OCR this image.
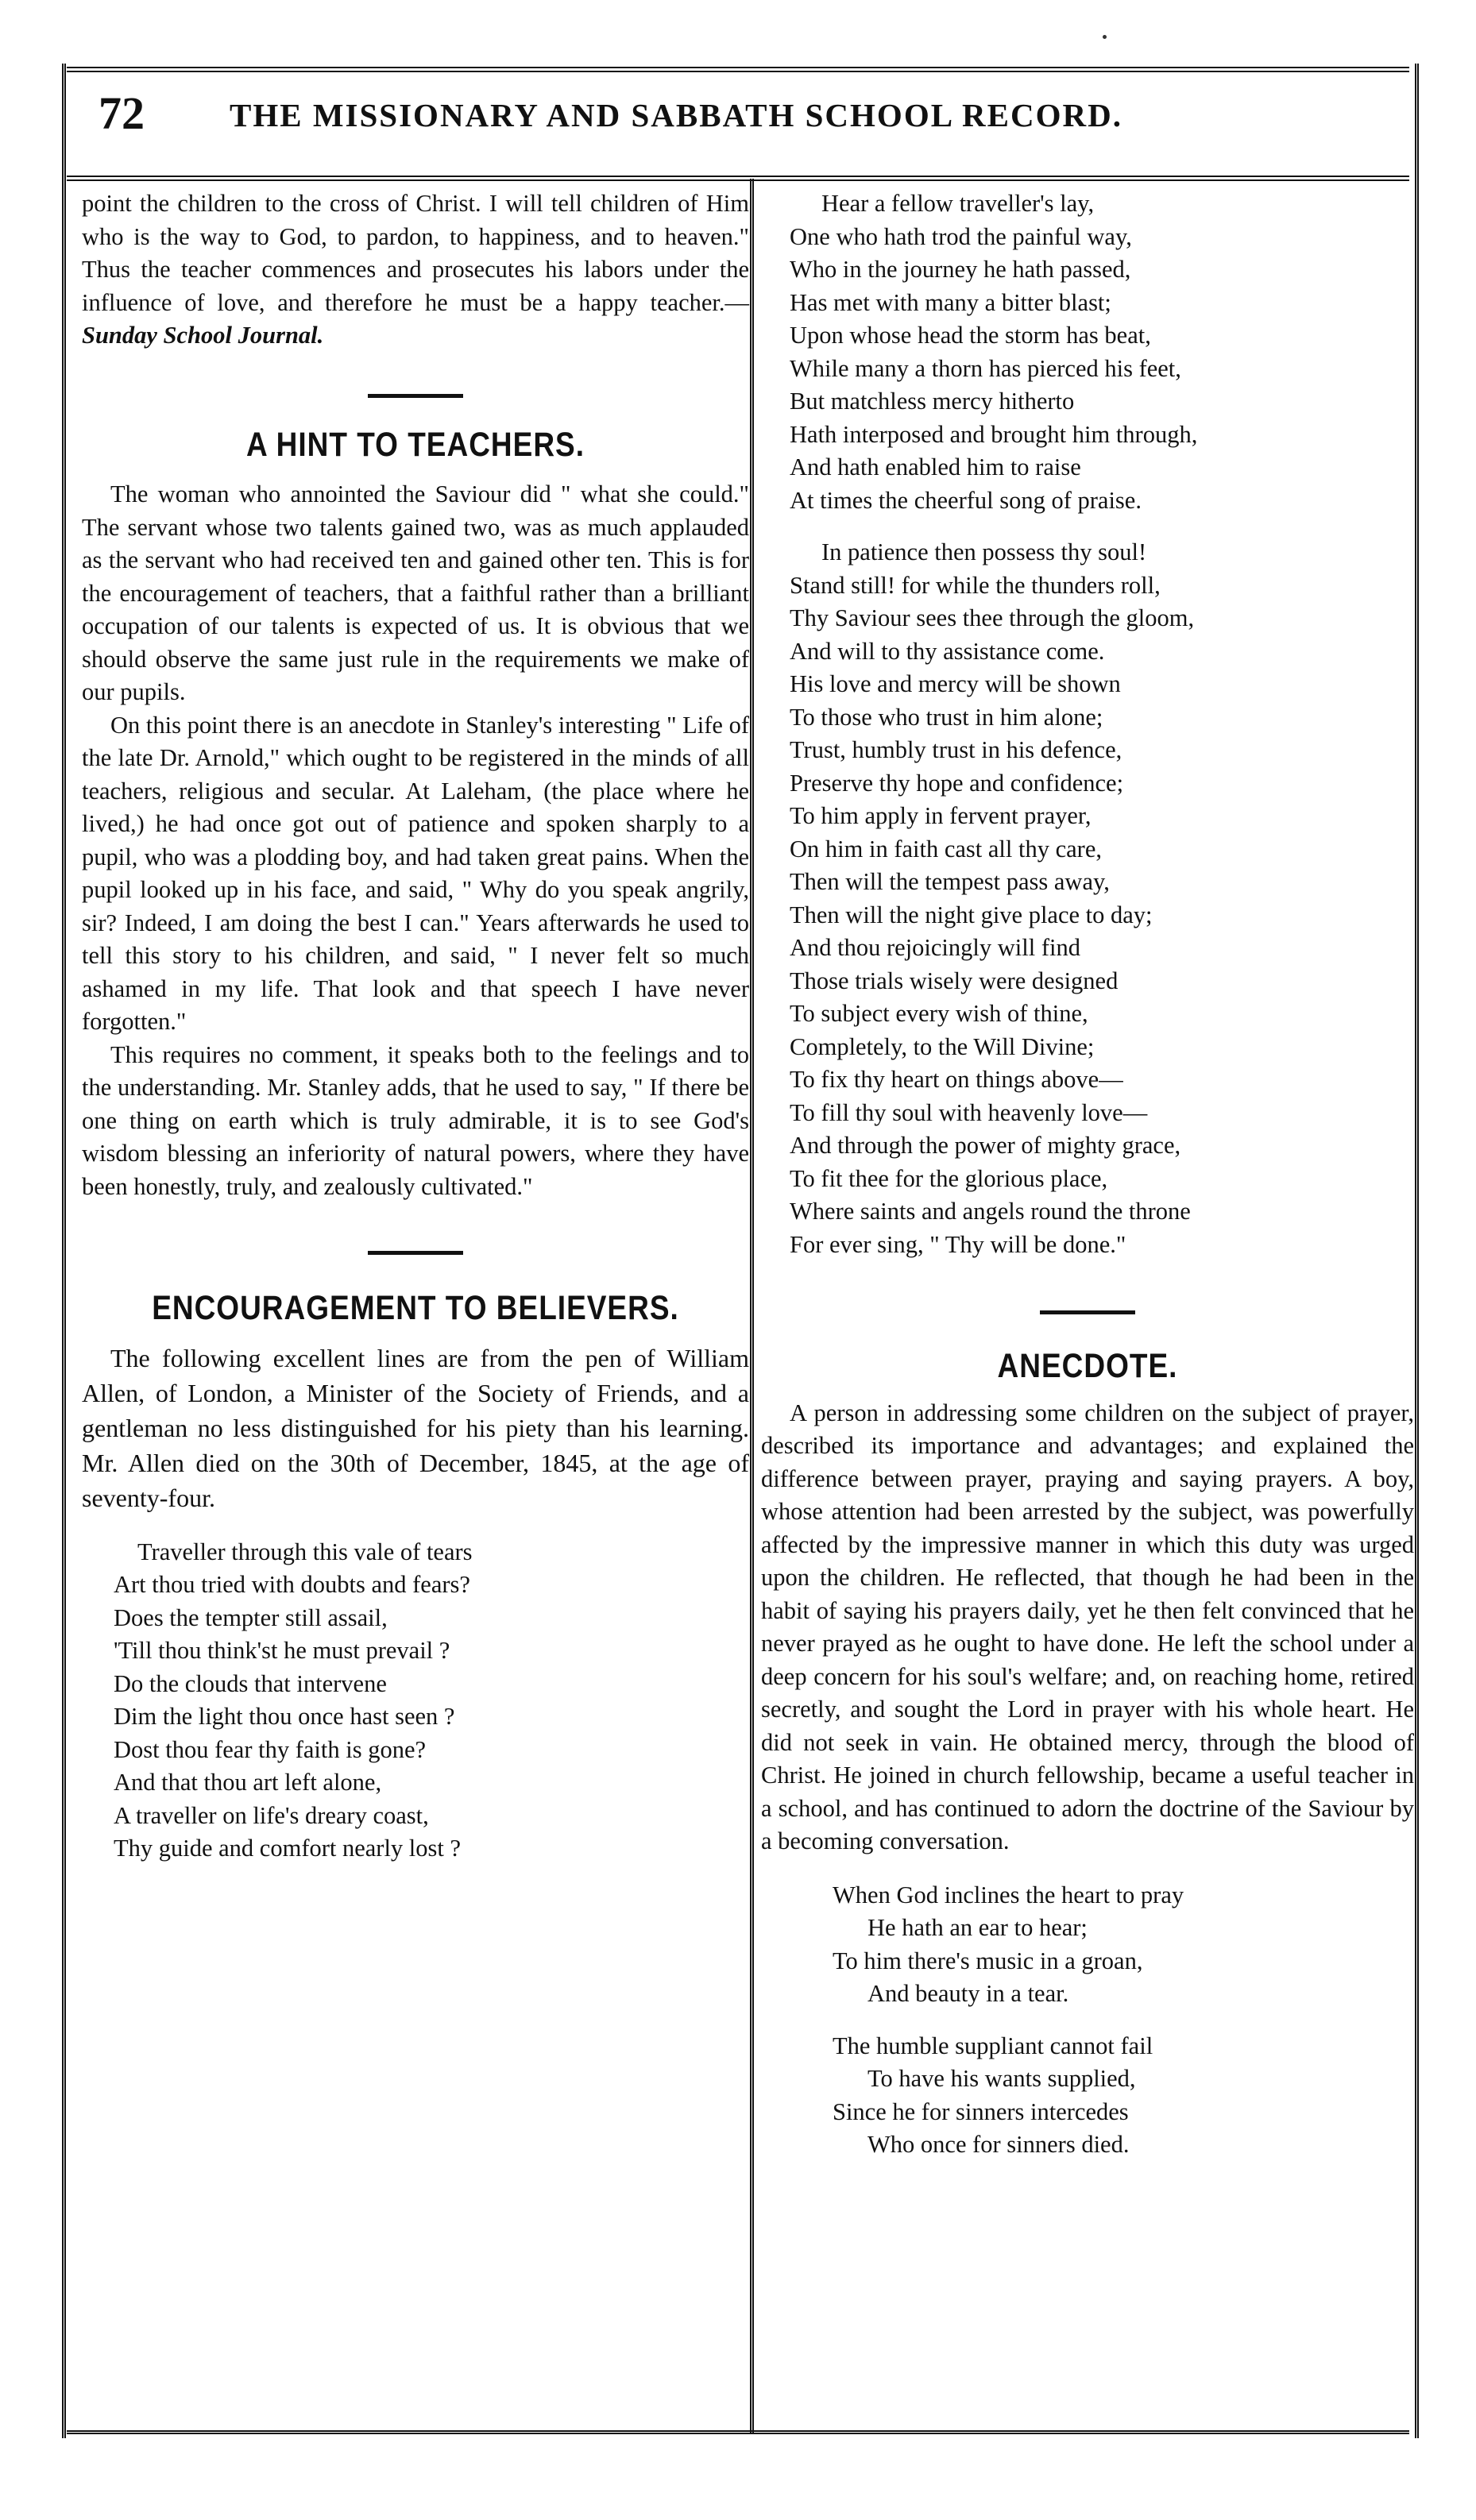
72	THE MISSIONARY AND SABBATH SCHOOL RECORD.

point the children to the cross of Christ. I will tell children of Him who is the way to God, to pardon, to happiness, and to heaven." Thus the teacher commences and prosecutes his labors under the influence of love, and therefore he must be a happy teacher.— Sunday School Journal.

A HINT TO TEACHERS.

The woman who annointed the Saviour did " what she could." The servant whose two talents gained two, was as much applauded as the servant who had received ten and gained other ten. This is for the encouragement of teachers, that a faithful rather than a brilliant occupation of our talents is expected of us. It is obvious that we should observe the same just rule in the requirements we make of our pupils.

On this point there is an anecdote in Stanley's interesting " Life of the late Dr. Arnold," which ought to be registered in the minds of all teachers, religious and secular. At Laleham, (the place where he lived,) he had once got out of patience and spoken sharply to a pupil, who was a plodding boy, and had taken great pains. When the pupil looked up in his face, and said, " Why do you speak angrily, sir? Indeed, I am doing the best I can." Years afterwards he used to tell this story to his children, and said, " I never felt so much ashamed in my life. That look and that speech I have never forgotten."

This requires no comment, it speaks both to the feelings and to the understanding. Mr. Stanley adds, that he used to say, " If there be one thing on earth which is truly admirable, it is to see God's wisdom blessing an inferiority of natural powers, where they have been honestly, truly, and zealously cultivated."

ENCOURAGEMENT TO BELIEVERS.

The following excellent lines are from the pen of William Allen, of London, a Minister of the Society of Friends, and a gentleman no less distinguished for his piety than his learning. Mr. Allen died on the 30th of December, 1845, at the age of seventy-four.

Traveller through this vale of tears
Art thou tried with doubts and fears?
Does the tempter still assail,
'Till thou think'st he must prevail ?
Do the clouds that intervene
Dim the light thou once hast seen ?
Dost thou fear thy faith is gone?
And that thou art left alone,
A traveller on life's dreary coast,
Thy guide and comfort nearly lost ?
Hear a fellow traveller's lay,
One who hath trod the painful way,
Who in the journey he hath passed,
Has met with many a bitter blast;
Upon whose head the storm has beat,
While many a thorn has pierced his feet,
But matchless mercy hitherto
Hath interposed and brought him through,
And hath enabled him to raise
At times the cheerful song of praise.
In patience then possess thy soul!
Stand still! for while the thunders roll,
Thy Saviour sees thee through the gloom,
And will to thy assistance come.
His love and mercy will be shown
To those who trust in him alone;
Trust, humbly trust in his defence,
Preserve thy hope and confidence;
To him apply in fervent prayer,
On him in faith cast all thy care,
Then will the tempest pass away,
Then will the night give place to day;
And thou rejoicingly will find
Those trials wisely were designed
To subject every wish of thine,
Completely, to the Will Divine;
To fix thy heart on things above—
To fill thy soul with heavenly love—
And through the power of mighty grace,
To fit thee for the glorious place,
Where saints and angels round the throne
For ever sing, " Thy will be done."
ANECDOTE.

A person in addressing some children on the subject of prayer, described its importance and advantages; and explained the difference between prayer, praying and saying prayers. A boy, whose attention had been arrested by the subject, was powerfully affected by the impressive manner in which this duty was urged upon the children. He reflected, that though he had been in the habit of saying his prayers daily, yet he then felt convinced that he never prayed as he ought to have done. He left the school under a deep concern for his soul's welfare; and, on reaching home, retired secretly, and sought the Lord in prayer with his whole heart. He did not seek in vain. He obtained mercy, through the blood of Christ. He joined in church fellowship, became a useful teacher in a school, and has continued to adorn the doctrine of the Saviour by a becoming conversation.

When God inclines the heart to pray
He hath an ear to hear;
To him there's music in a groan,
And beauty in a tear.
The humble suppliant cannot fail
To have his wants supplied,
Since he for sinners intercedes
Who once for sinners died.
